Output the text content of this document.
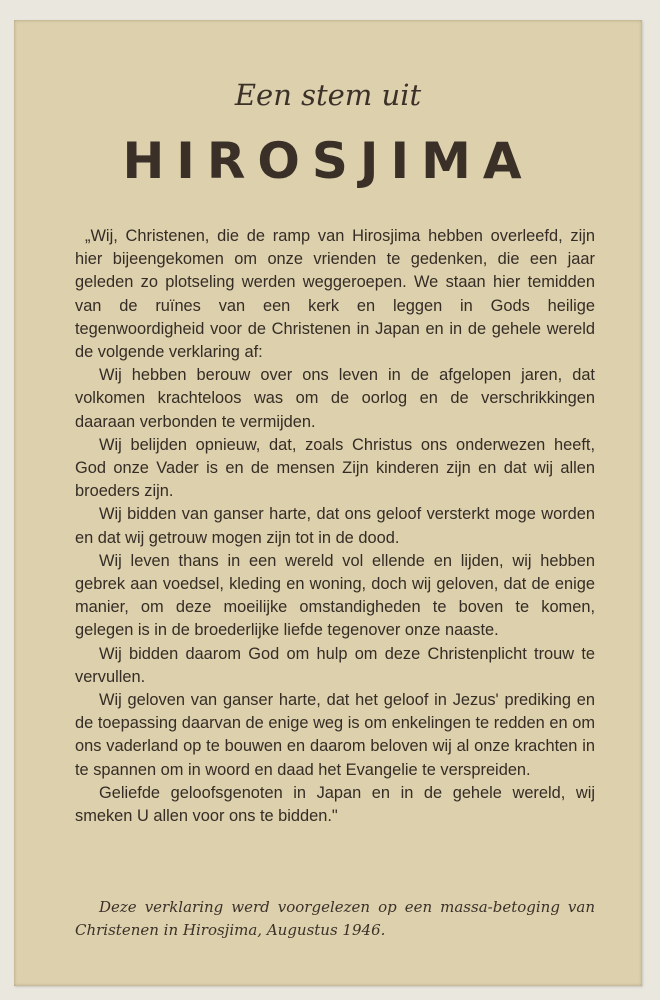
Een stem uit
HIROSJIMA

„Wij, Christenen, die de ramp van Hirosjima hebben overleefd, zijn hier bijeengekomen om onze vrienden te gedenken, die een jaar geleden zo plotseling werden weggeroepen. We staan hier temidden van de ruïnes van een kerk en leggen in Gods heilige tegenwoordigheid voor de Christenen in Japan en in de gehele wereld de volgende verklaring af:

Wij hebben berouw over ons leven in de afgelopen jaren, dat volkomen krachteloos was om de oorlog en de verschrikkingen daaraan verbonden te vermijden.

Wij belijden opnieuw, dat, zoals Christus ons onderwezen heeft, God onze Vader is en de mensen Zijn kinderen zijn en dat wij allen broeders zijn.

Wij bidden van ganser harte, dat ons geloof versterkt moge worden en dat wij getrouw mogen zijn tot in de dood.

Wij leven thans in een wereld vol ellende en lijden, wij hebben gebrek aan voedsel, kleding en woning, doch wij geloven, dat de enige manier, om deze moeilijke omstandigheden te boven te komen, gelegen is in de broederlijke liefde tegenover onze naaste.

Wij bidden daarom God om hulp om deze Christenplicht trouw te vervullen.

Wij geloven van ganser harte, dat het geloof in Jezus' prediking en de toepassing daarvan de enige weg is om enkelingen te redden en om ons vaderland op te bouwen en daarom beloven wij al onze krachten in te spannen om in woord en daad het Evangelie te verspreiden.

Geliefde geloofsgenoten in Japan en in de gehele wereld, wij smeken U allen voor ons te bidden."

Deze verklaring werd voorgelezen op een massa-betoging van Christenen in Hirosjima, Augustus 1946.
